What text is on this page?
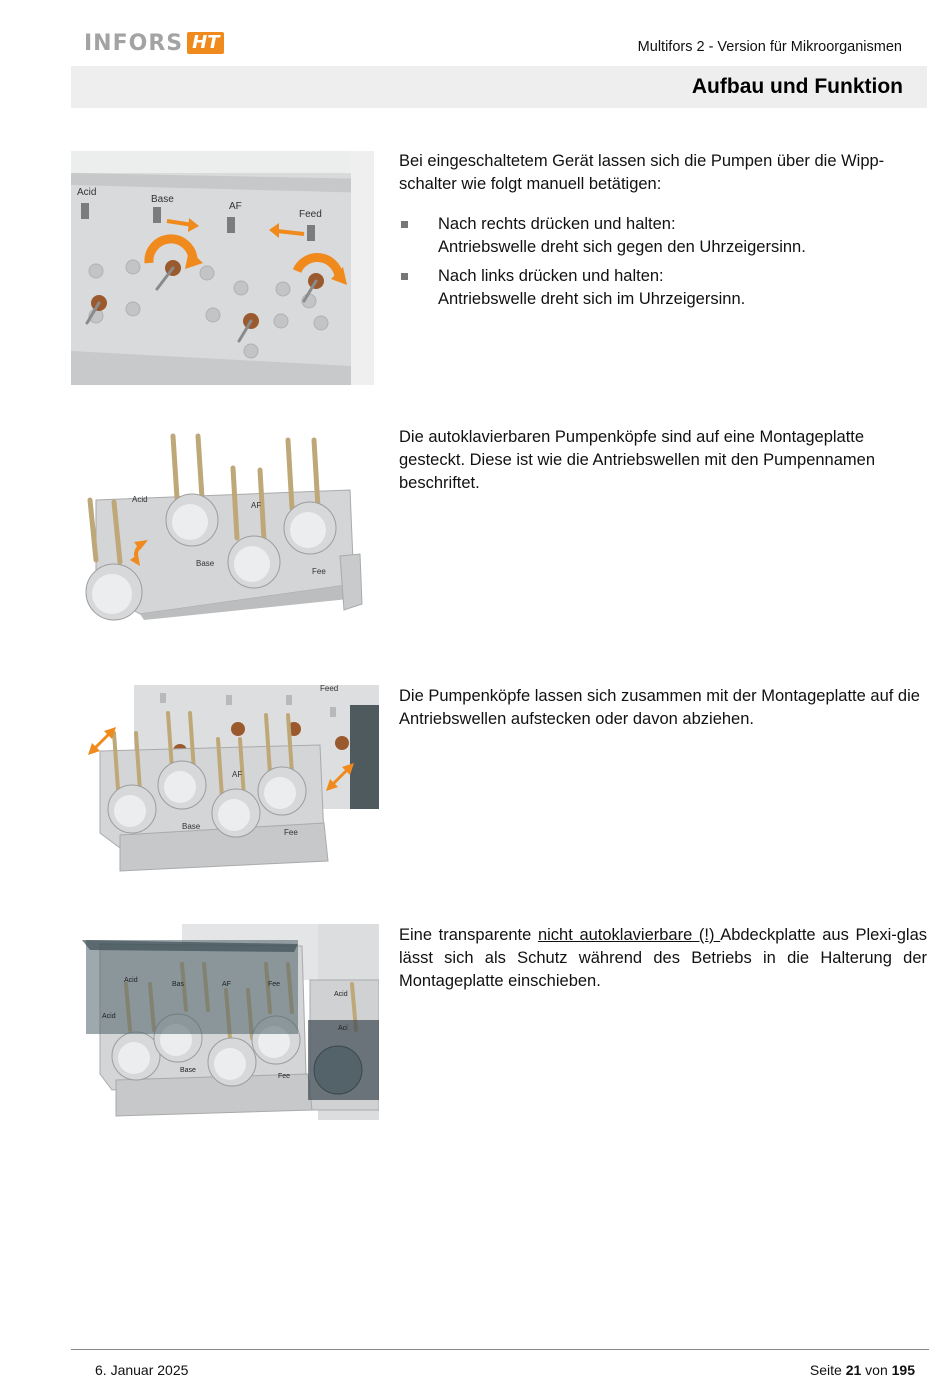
INFORS HT	Multifors 2 - Version für Mikroorganismen
Aufbau und Funktion
Acid
Base
AF
Feed

Bei eingeschaltetem Gerät lassen sich die Pumpen über die Wipp-
schalter wie folgt manuell betätigen:

Nach rechts drücken und halten:
Antriebswelle dreht sich gegen den Uhrzeigersinn.
Nach links drücken und halten:
Antriebswelle dreht sich im Uhrzeigersinn.
Acid
AF
Base
Fee

Die autoklavierbaren Pumpenköpfe sind auf eine Montageplatte gesteckt. Diese ist wie die Antriebswellen mit den Pumpennamen beschriftet.

Feed
AF
Base
Fee

Die Pumpenköpfe lassen sich zusammen mit der Montageplatte auf die Antriebswellen aufstecken oder davon abziehen.

Acid
Bas	AF	Fee
Acid
Base
Fee
Acid
Aci

Eine transparente nicht autoklavierbare (!) Abdeckplatte aus Plexi-glas lässt sich als Schutz während des Betriebs in die Halterung der Montageplatte einschieben.

6. Januar 2025	Seite 21 von 195
